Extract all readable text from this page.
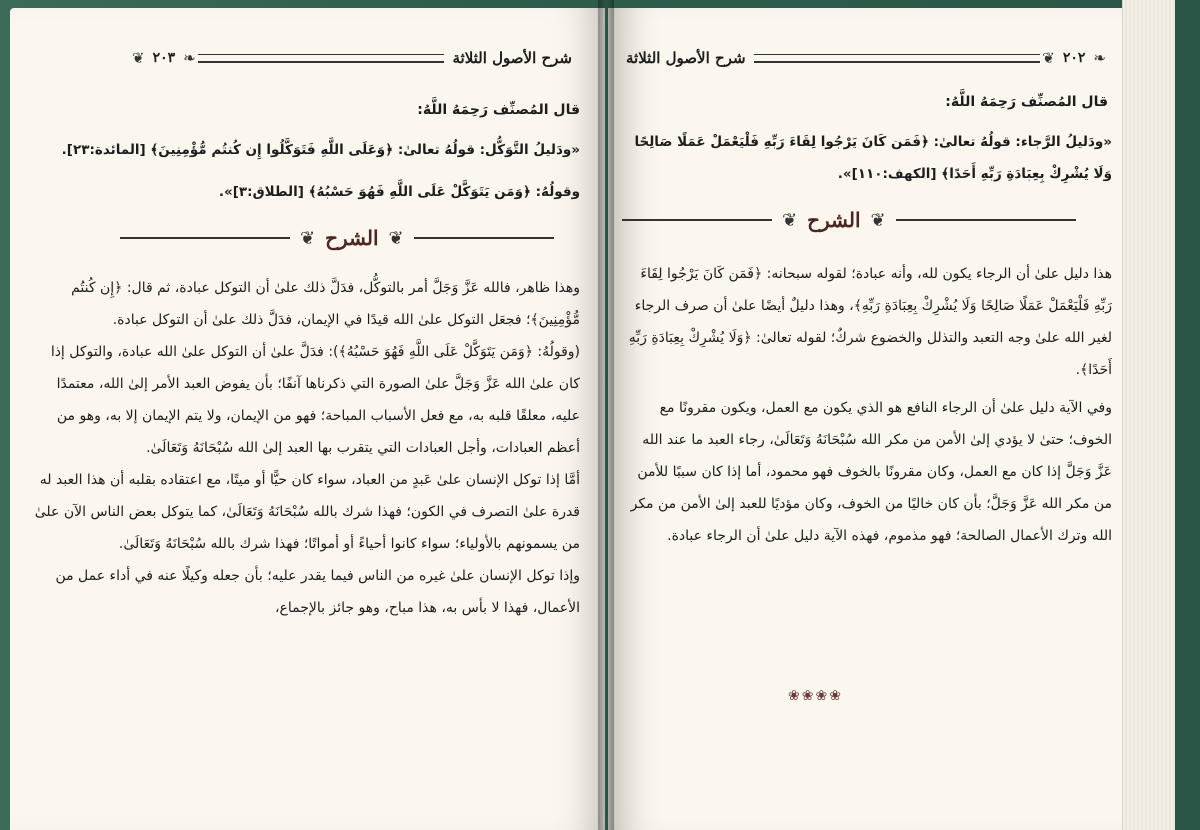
❦ ٢٠٣ ❧	شرح الأصول الثلاثة
قال المُصنِّف رَحِمَهُ اللَّهُ:
«ودَليلُ التَّوَكُّل: قولُهُ تعالىٰ: ﴿وَعَلَى اللَّهِ فَتَوَكَّلُوا إِن كُنتُم مُّؤْمِنِينَ﴾ [المائدة:٢٣].
وقولُهُ: ﴿وَمَن يَتَوَكَّلْ عَلَى اللَّهِ فَهُوَ حَسْبُهُ﴾ [الطلاق:٣]».
❦ الشرح ❦

وهذا ظاهر، فالله عَزَّ وَجَلَّ أمر بالتوكُّل، فدَلَّ ذلك علىٰ أن التوكل عبادة، ثم قال: ﴿إِن كُنتُم مُّؤْمِنِينَ﴾؛ فجعَل التوكل علىٰ الله قيدًا في الإيمان، فدَلَّ ذلك علىٰ أن التوكل عبادة.

(وقولُهُ: ﴿وَمَن يَتَوَكَّلْ عَلَى اللَّهِ فَهُوَ حَسْبُهُ﴾): فدَلَّ علىٰ أن التوكل علىٰ الله عبادة، والتوكل إذا كان علىٰ الله عَزَّ وَجَلَّ علىٰ الصورة التي ذكرناها آنفًا؛ بأن يفوض العبد الأمر إلىٰ الله، معتمدًا عليه، معلقًا قلبه به، مع فعل الأسباب المباحة؛ فهو من الإيمان، ولا يتم الإيمان إلا به، وهو من أعظم العبادات، وأجل العبادات التي يتقرب بها العبد إلىٰ الله سُبْحَانَهُ وَتَعَالَىٰ.

أمَّا إذا توكل الإنسان علىٰ عَبدٍ من العباد، سواء كان حيًّا أو ميتًا، مع اعتقاده بقلبه أن هذا العبد له قدرة علىٰ التصرف في الكون؛ فهذا شرك بالله سُبْحَانَهُ وَتَعَالَىٰ، كما يتوكل بعض الناس الآن علىٰ من يسمونهم بالأولياء؛ سواء كانوا أحياءً أو أمواتًا؛ فهذا شرك بالله سُبْحَانَهُ وَتَعَالَىٰ.

وإذا توكل الإنسان علىٰ غيره من الناس فيما يقدر عليه؛ بأن جعله وكيلًا عنه في أداء عمل من الأعمال، فهذا لا بأس به، هذا مباح، وهو جائز بالإجماع،

شرح الأصول الثلاثة	❦ ٢٠٢ ❧
قال المُصنِّف رَحِمَهُ اللَّهُ:
«ودَليلُ الرَّجاء: قولُهُ تعالىٰ: ﴿فَمَن كَانَ يَرْجُوا لِقَاءَ رَبِّهِ فَلْيَعْمَلْ عَمَلًا صَالِحًا وَلَا يُشْرِكْ بِعِبَادَةِ رَبِّهِ أَحَدًا﴾ [الكهف:١١٠]».
❦ الشرح ❦

هذا دليل علىٰ أن الرجاء يكون لله، وأنه عبادة؛ لقوله سبحانه: ﴿فَمَن كَانَ يَرْجُوا لِقَاءَ رَبِّهِ فَلْيَعْمَلْ عَمَلًا صَالِحًا وَلَا يُشْرِكْ بِعِبَادَةِ رَبِّهِ﴾، وهذا دليلٌ أيضًا علىٰ أن صرف الرجاء لغير الله علىٰ وجه التعبد والتذلل والخضوع شركٌ؛ لقوله تعالىٰ: ﴿وَلَا يُشْرِكْ بِعِبَادَةِ رَبِّهِ أَحَدًا﴾.

وفي الآية دليل علىٰ أن الرجاء النافع هو الذي يكون مع العمل، ويكون مقرونًا مع الخوف؛ حتىٰ لا يؤدي إلىٰ الأمن من مكر الله سُبْحَانَهُ وَتَعَالَىٰ، رجاء العبد ما عند الله عَزَّ وَجَلَّ إذا كان مع العمل، وكان مقرونًا بالخوف فهو محمود، أما إذا كان سببًا للأمن من مكر الله عَزَّ وَجَلَّ؛ بأن كان خاليًا من الخوف، وكان مؤديًا للعبد إلىٰ الأمن من مكر الله وترك الأعمال الصالحة؛ فهو مذموم، فهذه الآية دليل علىٰ أن الرجاء عبادة.

❀❀❀❀
